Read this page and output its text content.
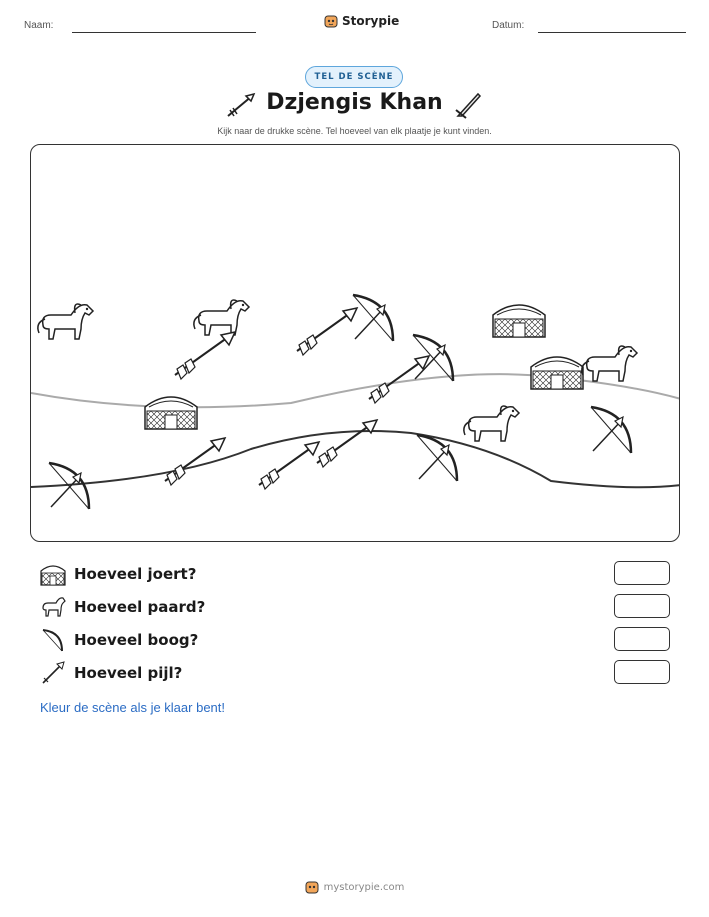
Naam:	Storypie	Datum:
TEL DE SCÈNE
Dzjengis Khan
Kijk naar de drukke scène. Tel hoeveel van elk plaatje je kunt vinden.
Hoeveel joert?
Hoeveel paard?
Hoeveel boog?
Hoeveel pijl?
Kleur de scène als je klaar bent!
mystorypie.com
